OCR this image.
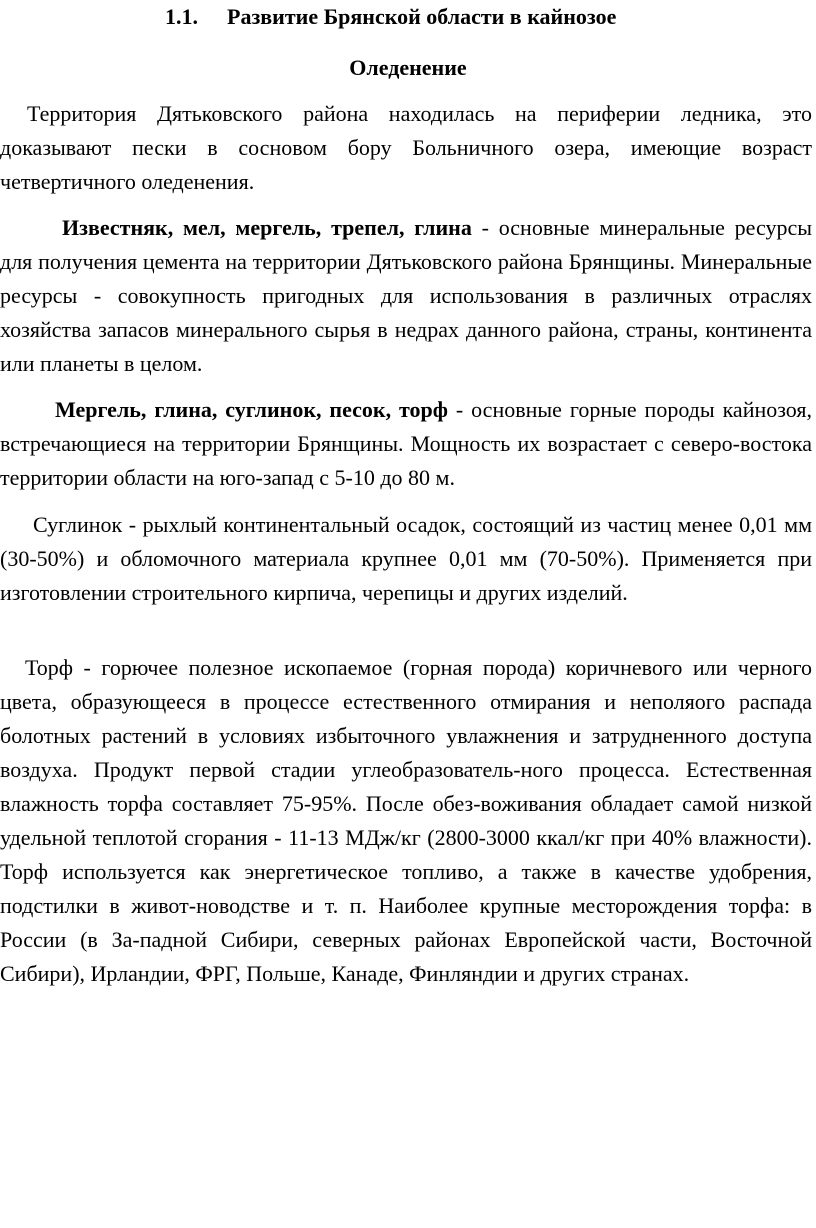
1.1. Развитие Брянской области в кайнозое
Оледенение

Территория Дятьковского района находилась на периферии ледника, это доказывают пески в сосновом бору Больничного озера, имеющие возраст четвертичного оледенения.

Известняк, мел, мергель, трепел, глина - основные минеральные ресурсы для получения цемента на территории Дятьковского района Брянщины. Минеральные ресурсы - совокупность пригодных для использования в различных отраслях хозяйства запасов минерального сырья в недрах данного района, страны, континента или планеты в целом.

Мергель, глина, суглинок, песок, торф - основные горные породы кайнозоя, встречающиеся на территории Брянщины. Мощность их возрастает с северо-востока территории области на юго-запад с 5-10 до 80 м.

Суглинок - рыхлый континентальный осадок, состоящий из частиц менее 0,01 мм (30-50%) и обломочного материала крупнее 0,01 мм (70-50%). Применяется при изготовлении строительного кирпича, черепицы и других изделий.

Торф - горючее полезное ископаемое (горная порода) коричневого или черного цвета, образующееся в процессе естественного отмирания и неполяого распада болотных растений в условиях избыточного увлажнения и затрудненного доступа воздуха. Продукт первой стадии углеобразователь-ного процесса. Естественная влажность торфа составляет 75-95%. После обез-воживания обладает самой низкой удельной теплотой сгорания - 11-13 МДж/кг (2800-3000 ккал/кг при 40% влажности). Торф используется как энергетическое топливо, а также в качестве удобрения, подстилки в живот-новодстве и т. п. Наиболее крупные месторождения торфа: в России (в За-падной Сибири, северных районах Европейской части, Восточной Сибири), Ирландии, ФРГ, Польше, Канаде, Финляндии и других странах.
